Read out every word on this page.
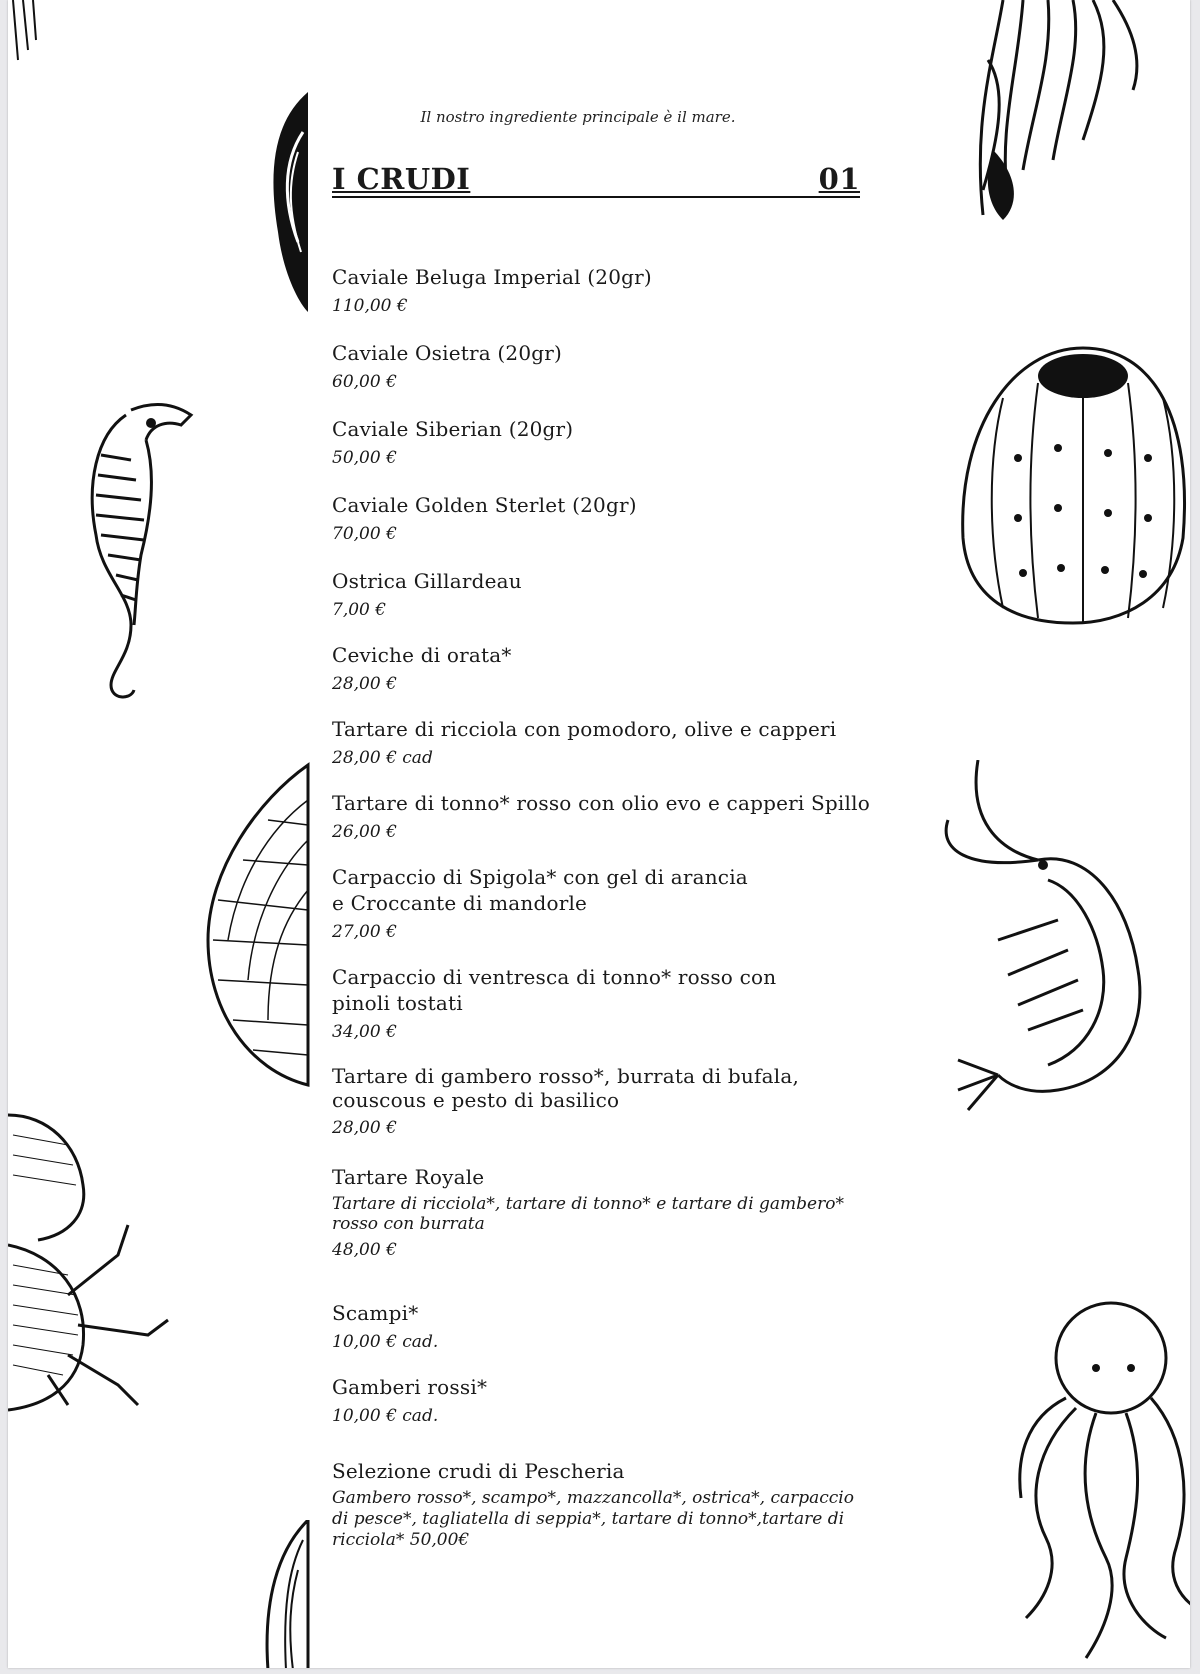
Il nostro ingrediente principale è il mare.
I CRUDI	01
Caviale Beluga Imperial (20gr)
110,00 €
Caviale Osietra (20gr)
60,00 €
Caviale Siberian (20gr)
50,00 €
Caviale Golden Sterlet (20gr)
70,00 €
Ostrica Gillardeau
7,00 €
Ceviche di orata*
28,00 €
Tartare di ricciola con pomodoro, olive e capperi
28,00 € cad
Tartare di tonno* rosso con olio evo e capperi Spillo
26,00 €
Carpaccio di Spigola* con gel di arancia e Croccante di mandorle
27,00 €
Carpaccio di ventresca di tonno* rosso con pinoli tostati
34,00 €
Tartare di gambero rosso*, burrata di bufala, couscous e pesto di basilico
28,00 €
Tartare Royale
Tartare di ricciola*, tartare di tonno* e tartare di gambero* rosso con burrata
48,00 €
Scampi*
10,00 € cad.
Gamberi rossi*
10,00 € cad.
Selezione crudi di Pescheria
Gambero rosso*, scampo*, mazzancolla*, ostrica*, carpaccio di pesce*, tagliatella di seppia*, tartare di tonno*,tartare di ricciola* 50,00€
